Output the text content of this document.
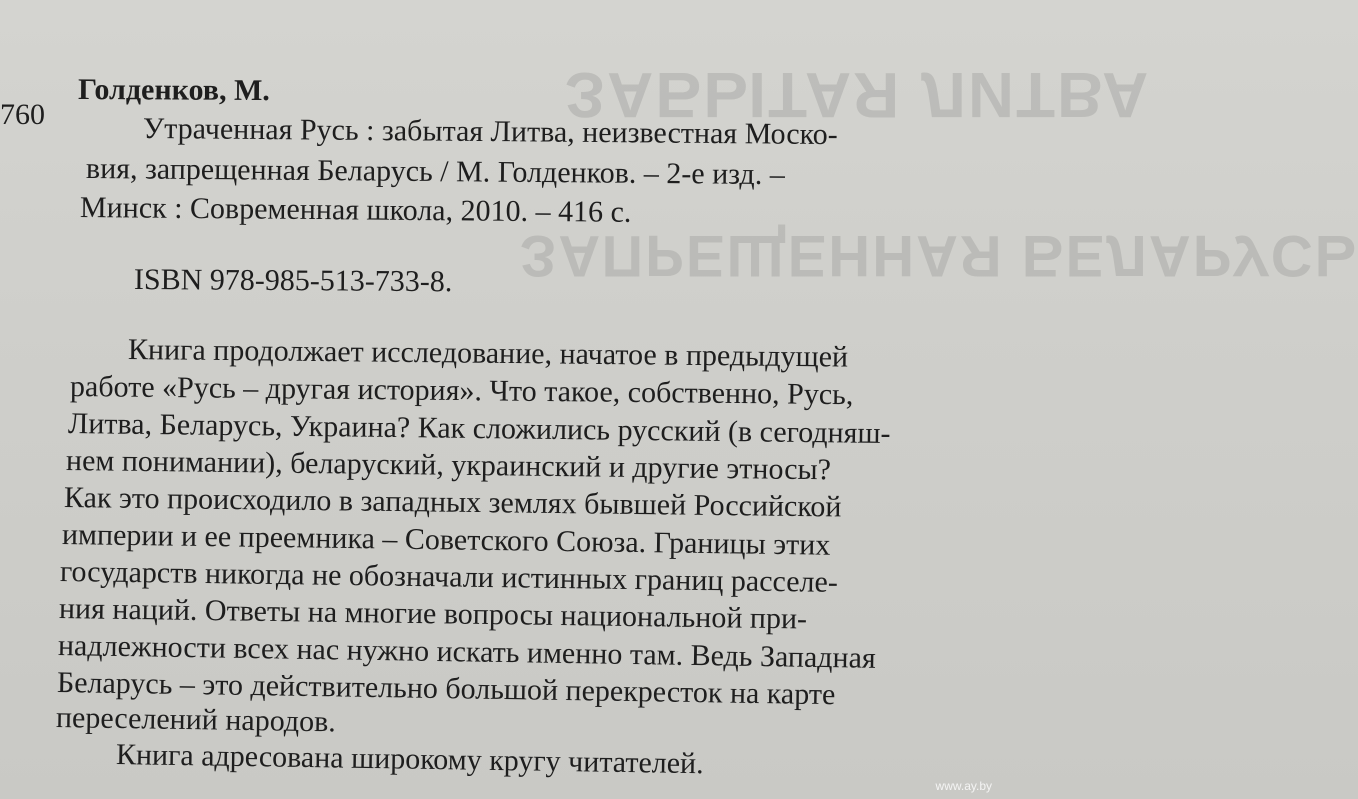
ЗАБЫТАЯ ЛИТВА
ЗАПРЕЩЕННАЯ БЕЛАРУСЬ
760
Голденков, М.
Утраченная Русь : забытая Литва, неизвестная Моско-
вия, запрещенная Беларусь / М. Голденков. – 2-е изд. –
Минск : Современная школа, 2010. – 416 с.
ISBN 978-985-513-733-8.
Книга продолжает исследование, начатое в предыдущей
работе «Русь – другая история». Что такое, собственно, Русь,
Литва, Беларусь, Украина? Как сложились русский (в сегодняш-
нем понимании), беларуский, украинский и другие этносы?
Как это происходило в западных землях бывшей Российской
империи и ее преемника – Советского Союза. Границы этих
государств никогда не обозначали истинных границ расселе-
ния наций. Ответы на многие вопросы национальной при-
надлежности всех нас нужно искать именно там. Ведь Западная
Беларусь – это действительно большой перекресток на карте
переселений народов.
Книга адресована широкому кругу читателей.
www.ay.by
